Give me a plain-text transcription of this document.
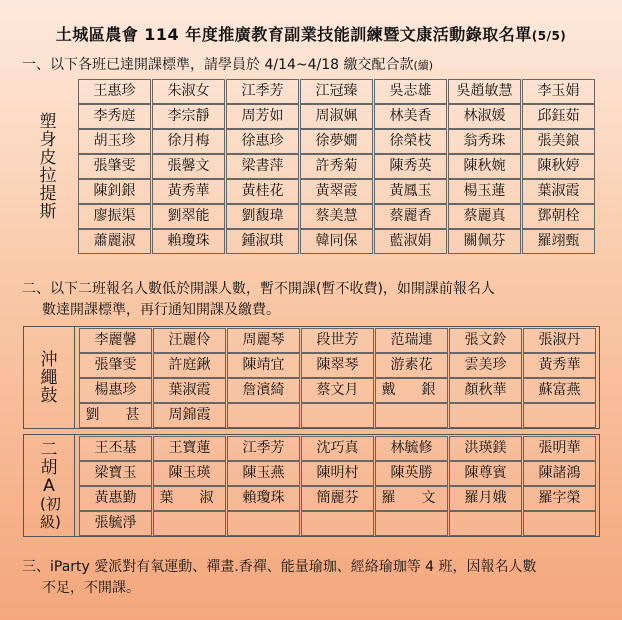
土城區農會 114 年度推廣教育副業技能訓練暨文康活動錄取名單(5/5)
一、以下各班已達開課標準，請學員於 4/14~4/18 繳交配合款(續)
塑身皮拉提斯
王惠珍	朱淑女	江季芳	江冠臻	吳志雄	吳趙敏慧	李玉娟
李秀庭	李宗靜	周芳如	周淑姵	林美香	林淑媛	邱鈺茹
胡玉珍	徐月梅	徐惠珍	徐夢嫺	徐榮枝	翁秀珠	張美鋃
張肇雯	張馨文	梁書萍	許秀菊	陳秀英	陳秋婉	陳秋婷
陳釗銀	黃秀華	黃桂花	黃翠霞	黃鳳玉	楊玉蓮	葉淑霞
廖振渠	劉翠能	劉馥瑋	蔡美慧	蔡麗香	蔡麗真	鄧朝栓
蕭麗淑	賴瓊珠	鍾淑琪	韓同保	藍淑娟	關佩芬	羅翊甄
二、以下二班報名人數低於開課人數，暫不開課(暫不收費)，如開課前報名人
數達開課標準，再行通知開課及繳費。
沖繩鼓
李麗馨	汪麗伶	周麗琴	段世芳	范瑞連	張文鈴	張淑丹
張肇雯	許庭鍬	陳靖宜	陳翠琴	游素花	雲美珍	黃秀華
楊惠珍	葉淑霞	詹濱綺	蔡文月	戴　銀	顏秋華	蘇富燕
劉　甚	周錦霞
二胡A
(初級)
王丕基	王寶蓮	江季芳	沈巧真	林毓修	洪瑛鎂	張明華
梁寶玉	陳玉瑛	陳玉燕	陳明村	陳英勝	陳尊賓	陳諸鴻
黃惠勤	葉　淑	賴瓊珠	簡麗芬	羅　文	羅月娥	羅字榮
張毓淨
三、iParty 愛派對有氧運動、禪畫.香禪、能量瑜珈、經絡瑜珈等 4 班，因報名人數
不足，不開課。
